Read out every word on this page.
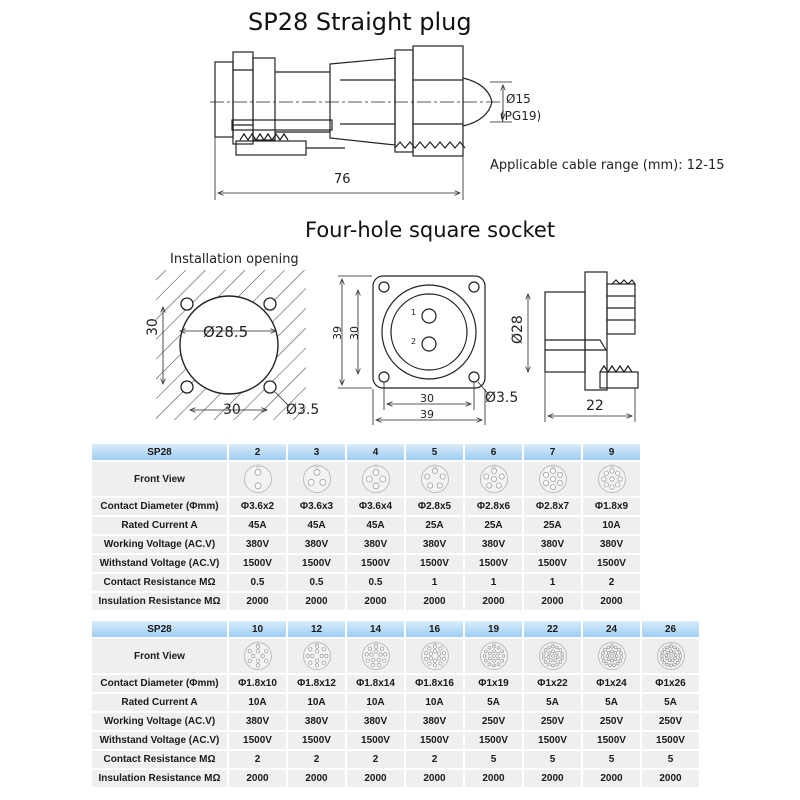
SP28 Straight plug
Four-hole square socket
76
Ø15
(PG19)
Applicable cable range (mm): 12-15
Installation opening
Ø28.5
30
30	Ø3.5
39 30
30
39
Ø3.5
1
2	Ø28
22
SP28	2	3	4	5	6	7	9
Front View							
Contact Diameter (Φmm)	Φ3.6x2	Φ3.6x3	Φ3.6x4	Φ2.8x5	Φ2.8x6	Φ2.8x7	Φ1.8x9
Rated Current A	45A	45A	45A	25A	25A	25A	10A
Working Voltage (AC.V)	380V	380V	380V	380V	380V	380V	380V
Withstand Voltage (AC.V)	1500V	1500V	1500V	1500V	1500V	1500V	1500V
Contact Resistance MΩ	0.5	0.5	0.5	1	1	1	2
Insulation Resistance MΩ	2000	2000	2000	2000	2000	2000	2000
SP28	10	12	14	16	19	22	24	26
Front View								
Contact Diameter (Φmm)	Φ1.8x10	Φ1.8x12	Φ1.8x14	Φ1.8x16	Φ1x19	Φ1x22	Φ1x24	Φ1x26
Rated Current A	10A	10A	10A	10A	5A	5A	5A	5A
Working Voltage (AC.V)	380V	380V	380V	380V	250V	250V	250V	250V
Withstand Voltage (AC.V)	1500V	1500V	1500V	1500V	1500V	1500V	1500V	1500V
Contact Resistance MΩ	2	2	2	2	5	5	5	5
Insulation Resistance MΩ	2000	2000	2000	2000	2000	2000	2000	2000
